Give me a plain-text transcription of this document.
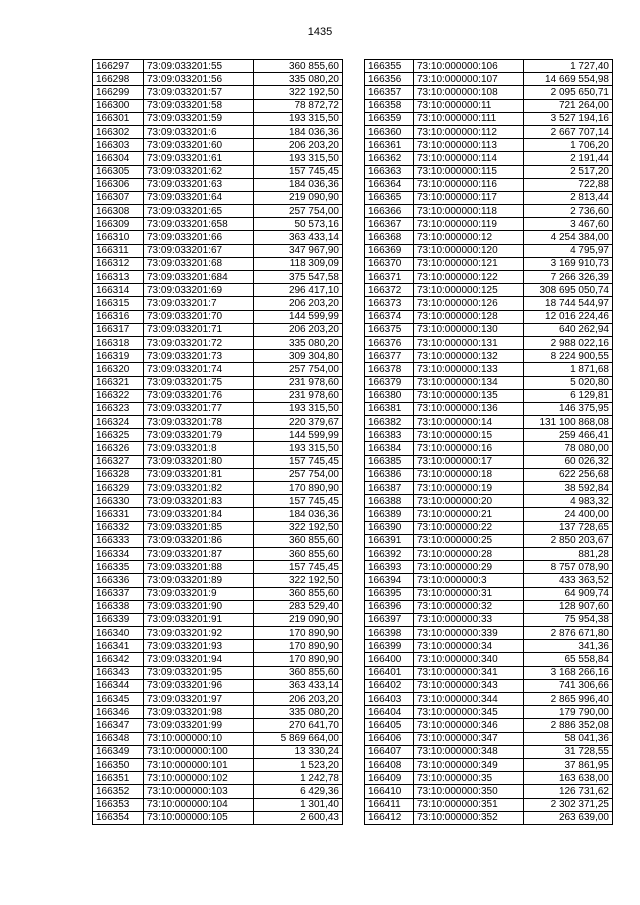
1435
166297	73:09:033201:55	360 855,60
166298	73:09:033201:56	335 080,20
166299	73:09:033201:57	322 192,50
166300	73:09:033201:58	78 872,72
166301	73:09:033201:59	193 315,50
166302	73:09:033201:6	184 036,36
166303	73:09:033201:60	206 203,20
166304	73:09:033201:61	193 315,50
166305	73:09:033201:62	157 745,45
166306	73:09:033201:63	184 036,36
166307	73:09:033201:64	219 090,90
166308	73:09:033201:65	257 754,00
166309	73:09:033201:658	50 573,16
166310	73:09:033201:66	363 433,14
166311	73:09:033201:67	347 967,90
166312	73:09:033201:68	118 309,09
166313	73:09:033201:684	375 547,58
166314	73:09:033201:69	296 417,10
166315	73:09:033201:7	206 203,20
166316	73:09:033201:70	144 599,99
166317	73:09:033201:71	206 203,20
166318	73:09:033201:72	335 080,20
166319	73:09:033201:73	309 304,80
166320	73:09:033201:74	257 754,00
166321	73:09:033201:75	231 978,60
166322	73:09:033201:76	231 978,60
166323	73:09:033201:77	193 315,50
166324	73:09:033201:78	220 379,67
166325	73:09:033201:79	144 599,99
166326	73:09:033201:8	193 315,50
166327	73:09:033201:80	157 745,45
166328	73:09:033201:81	257 754,00
166329	73:09:033201:82	170 890,90
166330	73:09:033201:83	157 745,45
166331	73:09:033201:84	184 036,36
166332	73:09:033201:85	322 192,50
166333	73:09:033201:86	360 855,60
166334	73:09:033201:87	360 855,60
166335	73:09:033201:88	157 745,45
166336	73:09:033201:89	322 192,50
166337	73:09:033201:9	360 855,60
166338	73:09:033201:90	283 529,40
166339	73:09:033201:91	219 090,90
166340	73:09:033201:92	170 890,90
166341	73:09:033201:93	170 890,90
166342	73:09:033201:94	170 890,90
166343	73:09:033201:95	360 855,60
166344	73:09:033201:96	363 433,14
166345	73:09:033201:97	206 203,20
166346	73:09:033201:98	335 080,20
166347	73:09:033201:99	270 641,70
166348	73:10:000000:10	5 869 664,00
166349	73:10:000000:100	13 330,24
166350	73:10:000000:101	1 523,20
166351	73:10:000000:102	1 242,78
166352	73:10:000000:103	6 429,36
166353	73:10:000000:104	1 301,40
166354	73:10:000000:105	2 600,43
166355	73:10:000000:106	1 727,40
166356	73:10:000000:107	14 669 554,98
166357	73:10:000000:108	2 095 650,71
166358	73:10:000000:11	721 264,00
166359	73:10:000000:111	3 527 194,16
166360	73:10:000000:112	2 667 707,14
166361	73:10:000000:113	1 706,20
166362	73:10:000000:114	2 191,44
166363	73:10:000000:115	2 517,20
166364	73:10:000000:116	722,88
166365	73:10:000000:117	2 813,44
166366	73:10:000000:118	2 736,60
166367	73:10:000000:119	3 467,60
166368	73:10:000000:12	4 254 384,00
166369	73:10:000000:120	4 795,97
166370	73:10:000000:121	3 169 910,73
166371	73:10:000000:122	7 266 326,39
166372	73:10:000000:125	308 695 050,74
166373	73:10:000000:126	18 744 544,97
166374	73:10:000000:128	12 016 224,46
166375	73:10:000000:130	640 262,94
166376	73:10:000000:131	2 988 022,16
166377	73:10:000000:132	8 224 900,55
166378	73:10:000000:133	1 871,68
166379	73:10:000000:134	5 020,80
166380	73:10:000000:135	6 129,81
166381	73:10:000000:136	146 375,95
166382	73:10:000000:14	131 100 868,08
166383	73:10:000000:15	259 466,41
166384	73:10:000000:16	78 080,00
166385	73:10:000000:17	60 026,32
166386	73:10:000000:18	622 256,68
166387	73:10:000000:19	38 592,84
166388	73:10:000000:20	4 983,32
166389	73:10:000000:21	24 400,00
166390	73:10:000000:22	137 728,65
166391	73:10:000000:25	2 850 203,67
166392	73:10:000000:28	881,28
166393	73:10:000000:29	8 757 078,90
166394	73:10:000000:3	433 363,52
166395	73:10:000000:31	64 909,74
166396	73:10:000000:32	128 907,60
166397	73:10:000000:33	75 954,38
166398	73:10:000000:339	2 876 671,80
166399	73:10:000000:34	341,36
166400	73:10:000000:340	65 558,84
166401	73:10:000000:341	3 168 266,16
166402	73:10:000000:343	741 306,66
166403	73:10:000000:344	2 865 996,40
166404	73:10:000000:345	179 790,00
166405	73:10:000000:346	2 886 352,08
166406	73:10:000000:347	58 041,36
166407	73:10:000000:348	31 728,55
166408	73:10:000000:349	37 861,95
166409	73:10:000000:35	163 638,00
166410	73:10:000000:350	126 731,62
166411	73:10:000000:351	2 302 371,25
166412	73:10:000000:352	263 639,00
